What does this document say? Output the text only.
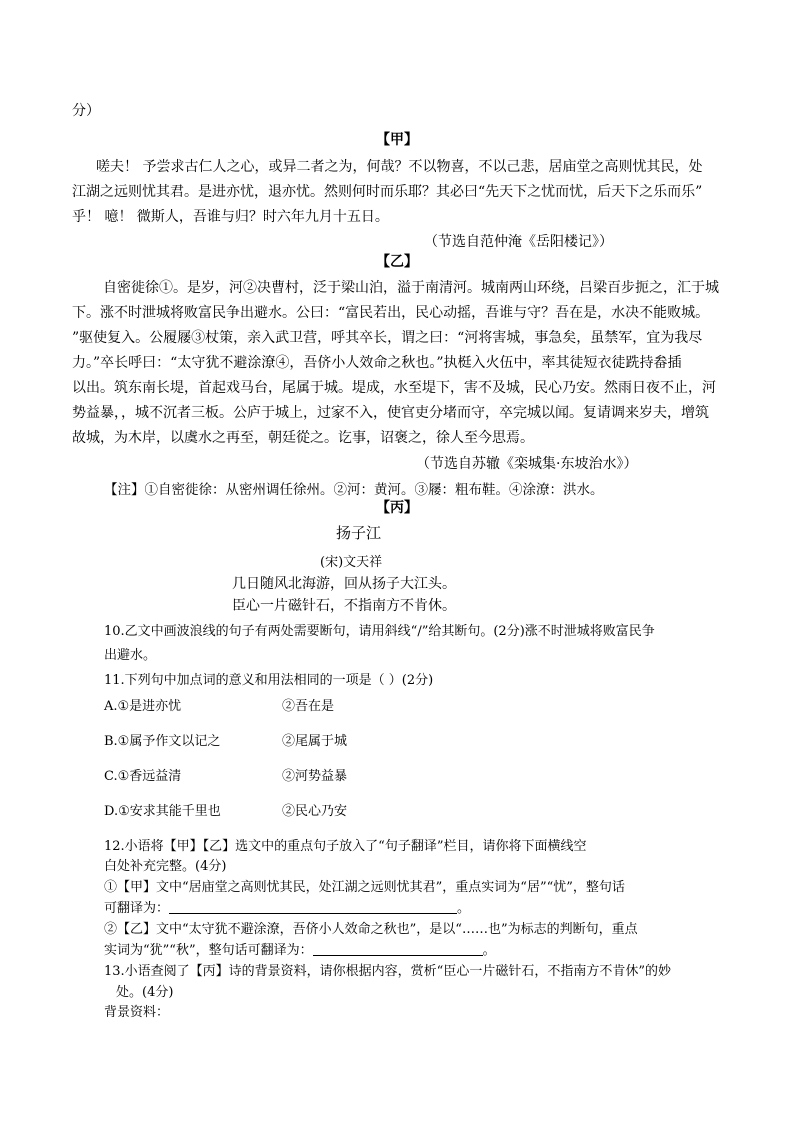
分）
【甲】
嗟夫！ 予尝求古仁人之心，或异二者之为，何哉？不以物喜，不以己悲，居庙堂之高则忧其民，处
江湖之远则忧其君。是进亦忧，退亦忧。然则何时而乐耶？其必曰“先天下之忧而忧，后天下之乐而乐”
乎！ 噫！ 微斯人，吾谁与归？时六年九月十五日。
（节选自范仲淹《岳阳楼记》）
【乙】
自密徙徐①。是岁，河②决曹村，泛于梁山泊，溢于南清河。城南两山环绕，吕梁百步扼之，汇于城
下。涨不时泄城将败富民争出避水。公曰：“富民若出，民心动摇，吾谁与守？吾在是，水决不能败城。
”驱使复入。公履屦③杖策，亲入武卫营，呼其卒长，谓之曰：“河将害城，事急矣，虽禁军，宜为我尽
力。”卒长呼曰：“太守犹不避涂潦④，吾侪小人效命之秋也。”执梃入火伍中，率其徒短衣徒跣持畚插
以出。筑东南长堤，首起戏马台，尾属于城。堤成，水至堤下，害不及城，民心乃安。然雨日夜不止，河
势益暴，，城不沉者三板。公庐于城上，过家不入，使官吏分堵而守，卒完城以闻。复请调来岁夫，增筑
故城，为木岸，以虞水之再至，朝廷從之。讫事，诏褒之，徐人至今思焉。
（节选自苏辙《栾城集·东坡治水》）
【注】①自密徙徐：从密州调任徐州。②河：黄河。③屦：粗布鞋。④涂潦：洪水。
【丙】
扬子江
(宋)文天祥
几日随风北海游，回从扬子大江头。
臣心一片磁针石，不指南方不肯休。
10.乙文中画波浪线的句子有两处需要断句，请用斜线“/”给其断句。(2分)涨不时泄城将败富民争
出避水。
11.下列句中加点词的意义和用法相同的一项是（ ）(2分)
A.①是进亦忧	②吾在是
B.①属予作文以记之	②尾属于城
C.①香远益清	②河势益暴
D.①安求其能千里也	②民心乃安
12.小语将【甲】【乙】选文中的重点句子放入了“句子翻译”栏目，请你将下面横线空
白处补充完整。(4分)
①【甲】文中“居庙堂之高则忧其民，处江湖之远则忧其君”，重点实词为“居”“忧”，整句话
可翻译为：	。
②【乙】文中“太守犹不避涂潦，吾侪小人效命之秋也”，是以“……也”为标志的判断句，重点
实词为“犹”“秋”，整句话可翻译为：	。
13.小语查阅了【丙】诗的背景资料，请你根据内容，赏析“臣心一片磁针石，不指南方不肯休”的妙
处。(4分)
背景资料：
